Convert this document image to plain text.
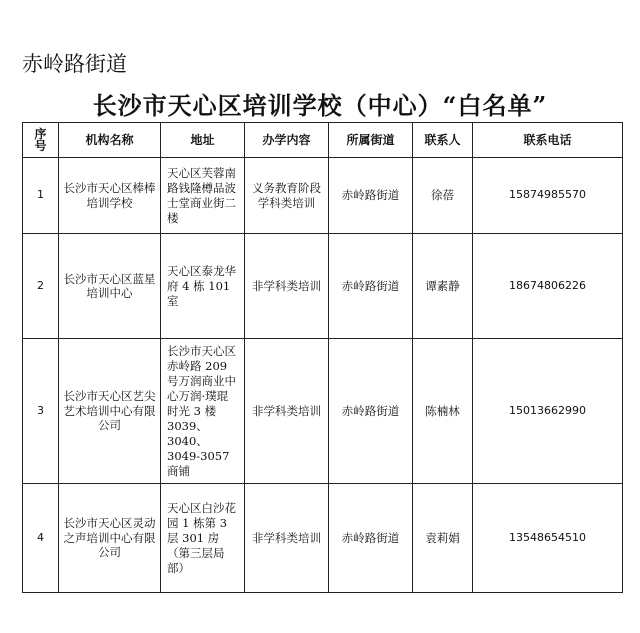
赤岭路街道
长沙市天心区培训学校（中心）“白名单”
序
号	机构名称	地址	办学内容	所属街道	联系人	联系电话
1	长沙市天心区棒棒培训学校	天心区芙蓉南路钱隆樽品波士堂商业街二楼	义务教育阶段学科类培训	赤岭路街道	徐蓓	15874985570
2	长沙市天心区蓝星培训中心	天心区泰龙华府 4 栋 101 室	非学科类培训	赤岭路街道	谭素静	18674806226
3	长沙市天心区艺尖艺术培训中心有限公司	长沙市天心区赤岭路 209 号万润商业中心万润·璞琨时光 3 楼 3039、3040、3049-3057 商铺	非学科类培训	赤岭路街道	陈楠林	15013662990
4	长沙市天心区灵动之声培训中心有限公司	天心区白沙花园 1 栋第 3 层 301 房（第三层局部）	非学科类培训	赤岭路街道	袁莉娟	13548654510
